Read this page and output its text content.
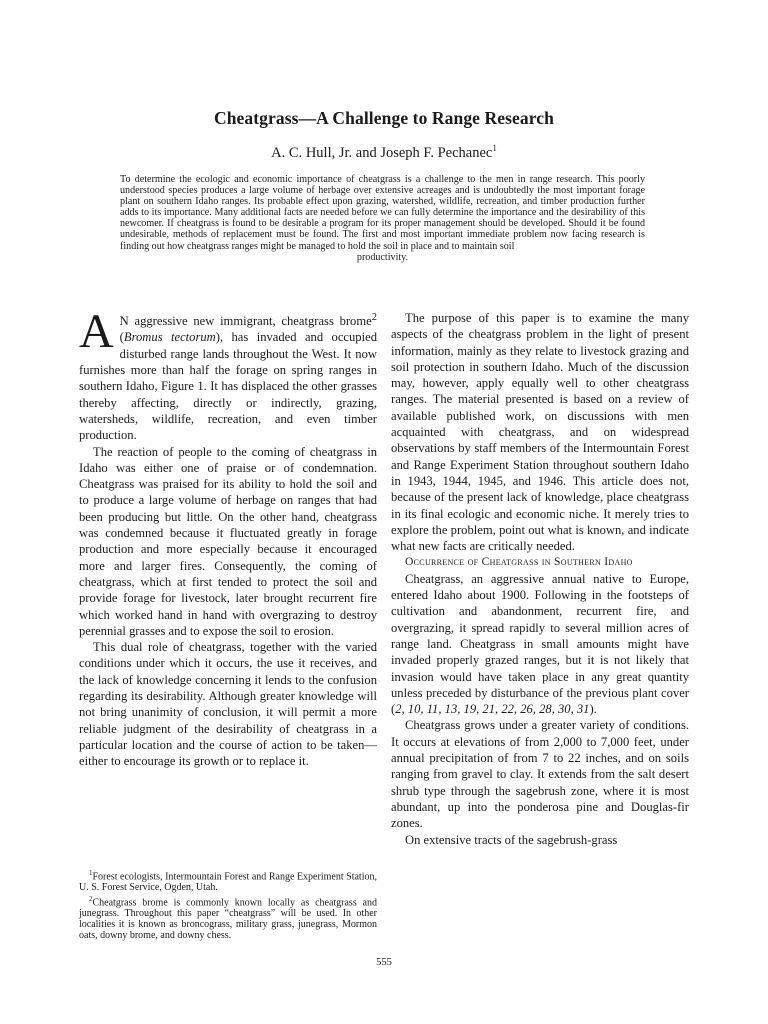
Cheatgrass—A Challenge to Range Research
A. C. Hull, Jr. and Joseph F. Pechanec$^1$
To determine the ecologic and economic importance of cheatgrass is a challenge to the men in range research. This poorly understood species produces a large volume of herbage over extensive acreages and is undoubtedly the most important forage plant on southern Idaho ranges. Its probable effect upon grazing, watershed, wildlife, recreation, and timber production further adds to its importance. Many additional facts are needed before we can fully determine the importance and the desirability of this newcomer. If cheatgrass is found to be desirable a program for its proper management should be developed. Should it be found undesirable, methods of replacement must be found. The first and most important immediate problem now facing research is finding out how cheatgrass ranges might be managed to hold the soil in place and to maintain soil
productivity.

A N aggressive new immigrant, cheatgrass brome$^2$ (Bromus tectorum), has invaded and occupied disturbed range lands throughout the West. It now furnishes more than half the forage on spring ranges in southern Idaho, Figure 1. It has displaced the other grasses thereby affecting, directly or indirectly, grazing, watersheds, wildlife, recreation, and even timber production.

The reaction of people to the coming of cheatgrass in Idaho was either one of praise or of condemnation. Cheatgrass was praised for its ability to hold the soil and to produce a large volume of herbage on ranges that had been producing but little. On the other hand, cheatgrass was condemned because it fluctuated greatly in forage production and more especially because it encouraged more and larger fires. Consequently, the coming of cheatgrass, which at first tended to protect the soil and provide forage for livestock, later brought recurrent fire which worked hand in hand with overgrazing to destroy perennial grasses and to expose the soil to erosion.

This dual role of cheatgrass, together with the varied conditions under which it occurs, the use it receives, and the lack of knowledge concerning it lends to the confusion regarding its desirability. Although greater knowledge will not bring unanimity of conclusion, it will permit a more reliable judgment of the desirability of cheatgrass in a particular location and the course of action to be taken—either to encourage its growth or to replace it.

The purpose of this paper is to examine the many aspects of the cheatgrass problem in the light of present information, mainly as they relate to livestock grazing and soil protection in southern Idaho. Much of the discussion may, however, apply equally well to other cheatgrass ranges. The material presented is based on a review of available published work, on discussions with men acquainted with cheatgrass, and on widespread observations by staff members of the Intermountain Forest and Range Experiment Station throughout southern Idaho in 1943, 1944, 1945, and 1946. This article does not, because of the present lack of knowledge, place cheatgrass in its final ecologic and economic niche. It merely tries to explore the problem, point out what is known, and indicate what new facts are critically needed.

Occurrence of Cheatgrass in Southern Idaho

Cheatgrass, an aggressive annual native to Europe, entered Idaho about 1900. Following in the footsteps of cultivation and abandonment, recurrent fire, and overgrazing, it spread rapidly to several million acres of range land. Cheatgrass in small amounts might have invaded properly grazed ranges, but it is not likely that invasion would have taken place in any great quantity unless preceded by disturbance of the previous plant cover (2, 10, 11, 13, 19, 21, 22, 26, 28, 30, 31).

Cheatgrass grows under a greater variety of conditions. It occurs at elevations of from 2,000 to 7,000 feet, under annual precipitation of from 7 to 22 inches, and on soils ranging from gravel to clay. It extends from the salt desert shrub type through the sagebrush zone, where it is most abundant, up into the ponderosa pine and Douglas-fir zones.

On extensive tracts of the sagebrush-grass

$^1$Forest ecologists, Intermountain Forest and Range Experiment Station, U. S. Forest Service, Ogden, Utah.

$^2$Cheatgrass brome is commonly known locally as cheatgrass and junegrass. Throughout this paper “cheatgrass” will be used. In other localities it is known as broncograss, military grass, junegrass, Mormon oats, downy brome, and downy chess.

555
